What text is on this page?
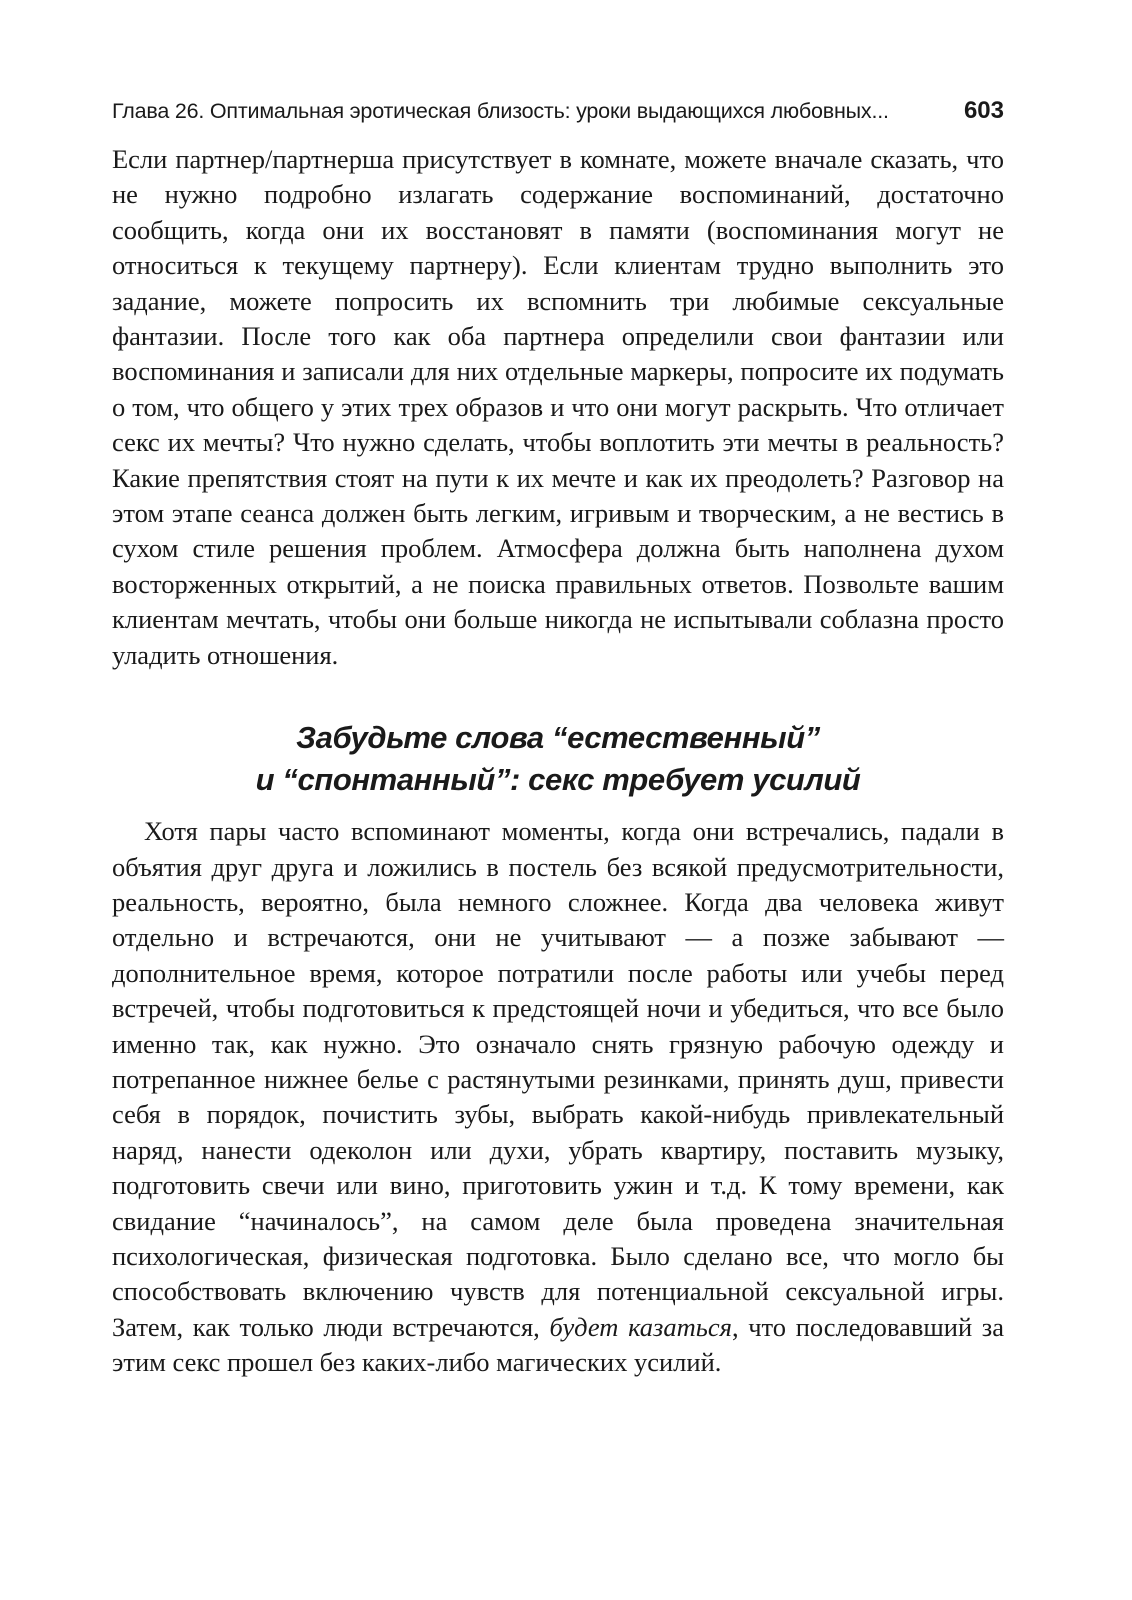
Глава 26. Оптимальная эротическая близость: уроки выдающихся любовных...	603

Если партнер/партнерша присутствует в комнате, можете вначале сказать, что не нужно подробно излагать содержание воспоминаний, достаточно сообщить, когда они их восстановят в памяти (воспоминания могут не относиться к текущему партнеру). Если клиентам трудно выполнить это задание, можете попросить их вспомнить три любимые сексуальные фантазии. После того как оба партнера определили свои фантазии или воспоминания и записали для них отдельные маркеры, попросите их подумать о том, что общего у этих трех образов и что они могут раскрыть. Что отличает секс их мечты? Что нужно сделать, чтобы воплотить эти мечты в реальность? Какие препятствия стоят на пути к их мечте и как их преодолеть? Разговор на этом этапе сеанса должен быть легким, игривым и творческим, а не вестись в сухом стиле решения проблем. Атмосфера должна быть наполнена духом восторженных открытий, а не поиска правильных ответов. Позвольте вашим клиентам мечтать, чтобы они больше никогда не испытывали соблазна просто уладить отношения.

Забудьте слова “естественный”
и “спонтанный”: секс требует усилий

Хотя пары часто вспоминают моменты, когда они встречались, падали в объятия друг друга и ложились в постель без всякой предусмотрительности, реальность, вероятно, была немного сложнее. Когда два человека живут отдельно и встречаются, они не учитывают — а позже забывают — дополнительное время, которое потратили после работы или учебы перед встречей, чтобы подготовиться к предстоящей ночи и убедиться, что все было именно так, как нужно. Это означало снять грязную рабочую одежду и потрепанное нижнее белье с растянутыми резинками, принять душ, привести себя в порядок, почистить зубы, выбрать какой-нибудь привлекательный наряд, нанести одеколон или духи, убрать квартиру, поставить музыку, подготовить свечи или вино, приготовить ужин и т.д. К тому времени, как свидание “начиналось”, на самом деле была проведена значительная психологическая, физическая подготовка. Было сделано все, что могло бы способствовать включению чувств для потенциальной сексуальной игры. Затем, как только люди встречаются, будет казаться, что последовавший за этим секс прошел без каких-либо магических усилий.
